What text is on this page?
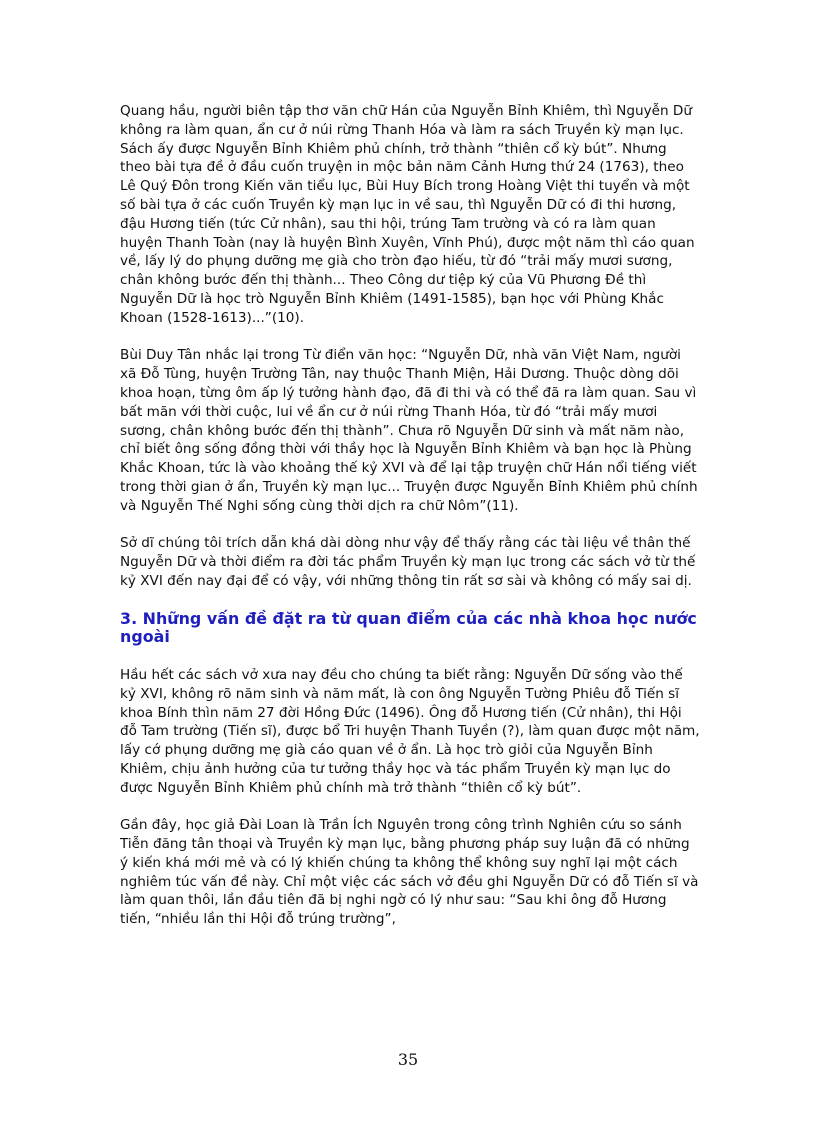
Quang hầu, người biên tập thơ văn chữ Hán của Nguyễn Bỉnh Khiêm, thì Nguyễn Dữ không ra làm quan, ẩn cư ở núi rừng Thanh Hóa và làm ra sách Truyền kỳ mạn lục. Sách ấy được Nguyễn Bỉnh Khiêm phủ chính, trở thành “thiên cổ kỳ bút”. Nhưng theo bài tựa đề ở đầu cuốn truyện in mộc bản năm Cảnh Hưng thứ 24 (1763), theo Lê Quý Đôn trong Kiến văn tiểu lục, Bùi Huy Bích trong Hoàng Việt thi tuyển và một số bài tựa ở các cuốn Truyền kỳ mạn lục in về sau, thì Nguyễn Dữ có đi thi hương, đậu Hương tiến (tức Cử nhân), sau thi hội, trúng Tam trường và có ra làm quan huyện Thanh Toàn (nay là huyện Bình Xuyên, Vĩnh Phú), được một năm thì cáo quan về, lấy lý do phụng dưỡng mẹ già cho tròn đạo hiếu, từ đó “trải mấy mươi sương, chân không bước đến thị thành... Theo Công dư tiệp ký của Vũ Phương Đề thì Nguyễn Dữ là học trò Nguyễn Bỉnh Khiêm (1491-1585), bạn học với Phùng Khắc Khoan (1528-1613)...”(10).

Bùi Duy Tân nhắc lại trong Từ điển văn học: “Nguyễn Dữ, nhà văn Việt Nam, người xã Đỗ Tùng, huyện Trường Tân, nay thuộc Thanh Miện, Hải Dương. Thuộc dòng dõi khoa hoạn, từng ôm ấp lý tưởng hành đạo, đã đi thi và có thể đã ra làm quan. Sau vì bất mãn với thời cuộc, lui về ẩn cư ở núi rừng Thanh Hóa, từ đó “trải mấy mươi sương, chân không bước đến thị thành”. Chưa rõ Nguyễn Dữ sinh và mất năm nào, chỉ biết ông sống đồng thời với thầy học là Nguyễn Bỉnh Khiêm và bạn học là Phùng Khắc Khoan, tức là vào khoảng thế kỷ XVI và để lại tập truyện chữ Hán nổi tiếng viết trong thời gian ở ẩn, Truyền kỳ mạn lục... Truyện được Nguyễn Bỉnh Khiêm phủ chính và Nguyễn Thế Nghi sống cùng thời dịch ra chữ Nôm”(11).

Sở dĩ chúng tôi trích dẫn khá dài dòng như vậy để thấy rằng các tài liệu về thân thế Nguyễn Dữ và thời điểm ra đời tác phẩm Truyền kỳ mạn lục trong các sách vở từ thế kỷ XVI đến nay đại để có vậy, với những thông tin rất sơ sài và không có mấy sai dị.

3. Những vấn đề đặt ra từ quan điểm của các nhà khoa học nước ngoài

Hầu hết các sách vở xưa nay đều cho chúng ta biết rằng: Nguyễn Dữ sống vào thế kỷ XVI, không rõ năm sinh và năm mất, là con ông Nguyễn Tường Phiêu đỗ Tiến sĩ khoa Bính thìn năm 27 đời Hồng Đức (1496). Ông đỗ Hương tiến (Cử nhân), thi Hội đỗ Tam trường (Tiến sĩ), được bổ Tri huyện Thanh Tuyền (?), làm quan được một năm, lấy cớ phụng dưỡng mẹ già cáo quan về ở ẩn. Là học trò giỏi của Nguyễn Bỉnh Khiêm, chịu ảnh hưởng của tư tưởng thầy học và tác phẩm Truyền kỳ mạn lục do được Nguyễn Bỉnh Khiêm phủ chính mà trở thành “thiên cổ kỳ bút”.

Gần đây, học giả Đài Loan là Trần Ích Nguyên trong công trình Nghiên cứu so sánh Tiễn đăng tân thoại và Truyền kỳ mạn lục, bằng phương pháp suy luận đã có những ý kiến khá mới mẻ và có lý khiến chúng ta không thể không suy nghĩ lại một cách nghiêm túc vấn đề này. Chỉ một việc các sách vở đều ghi Nguyễn Dữ có đỗ Tiến sĩ và làm quan thôi, lần đầu tiên đã bị nghi ngờ có lý như sau: “Sau khi ông đỗ Hương tiến, “nhiều lần thi Hội đỗ trúng trường”,

35
